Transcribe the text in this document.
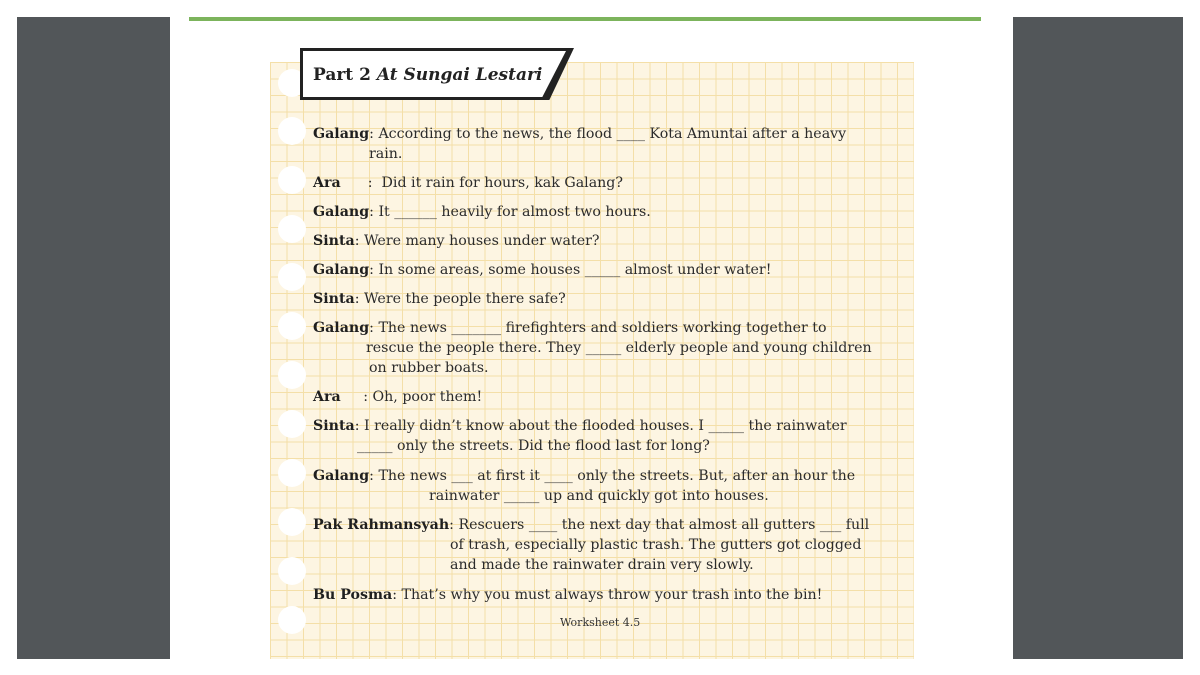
Part 2 At Sungai Lestari
Galang: According to the news, the flood ____ Kota Amuntai after a heavy
rain.
Ara      :  Did it rain for hours, kak Galang?
Galang: It ______ heavily for almost two hours.
Sinta: Were many houses under water?
Galang: In some areas, some houses _____ almost under water!
Sinta: Were the people there safe?
Galang: The news _______ firefighters and soldiers working together to
rescue the people there. They _____ elderly people and young children
on rubber boats.
Ara     : Oh, poor them!
Sinta: I really didn’t know about the flooded houses. I _____ the rainwater
_____ only the streets. Did the flood last for long?
Galang: The news ___ at first it ____ only the streets. But, after an hour the
rainwater _____ up and quickly got into houses.
Pak Rahmansyah: Rescuers ____ the next day that almost all gutters ___ full
of trash, especially plastic trash. The gutters got clogged
and made the rainwater drain very slowly.
Bu Posma: That’s why you must always throw your trash into the bin!
Worksheet 4.5
